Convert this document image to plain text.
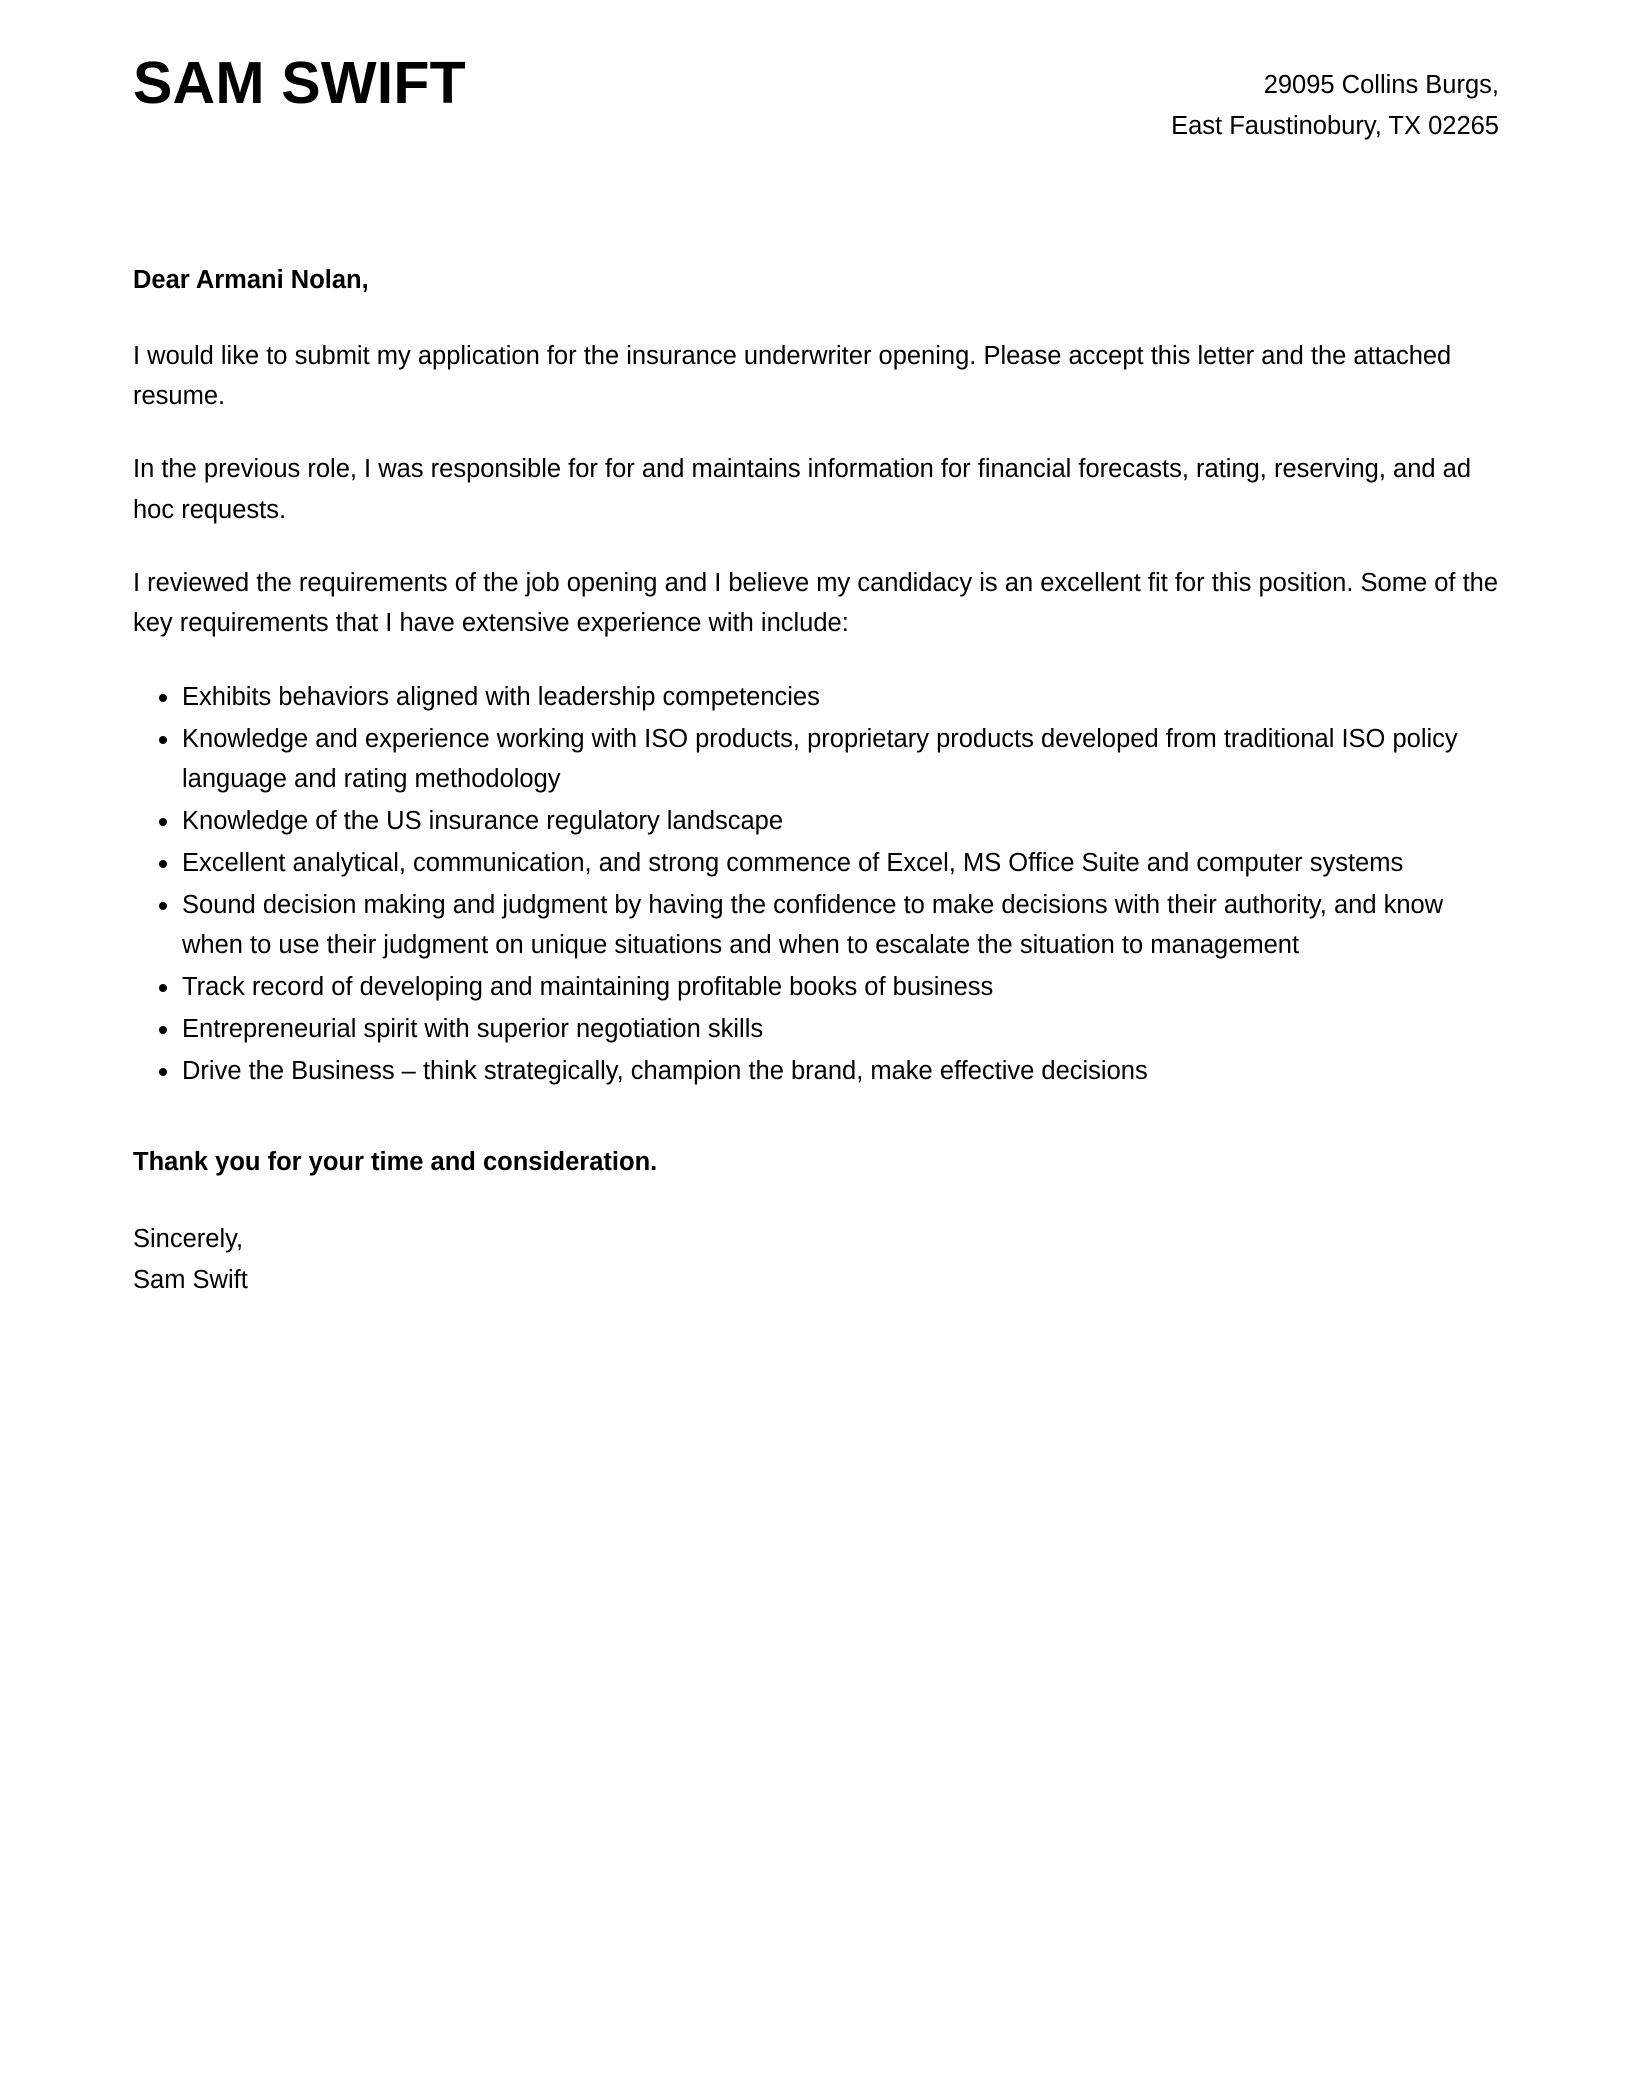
SAM SWIFT	29095 Collins Burgs,
East Faustinobury, TX 02265

Dear Armani Nolan,

I would like to submit my application for the insurance underwriter opening. Please accept this letter and the attached resume.

In the previous role, I was responsible for for and maintains information for financial forecasts, rating, reserving, and ad hoc requests.

I reviewed the requirements of the job opening and I believe my candidacy is an excellent fit for this position. Some of the key requirements that I have extensive experience with include:

Exhibits behaviors aligned with leadership competencies
Knowledge and experience working with ISO products, proprietary products developed from traditional ISO policy language and rating methodology
Knowledge of the US insurance regulatory landscape
Excellent analytical, communication, and strong commence of Excel, MS Office Suite and computer systems
Sound decision making and judgment by having the confidence to make decisions with their authority, and know when to use their judgment on unique situations and when to escalate the situation to management
Track record of developing and maintaining profitable books of business
Entrepreneurial spirit with superior negotiation skills
Drive the Business – think strategically, champion the brand, make effective decisions

Thank you for your time and consideration.

Sincerely,
Sam Swift
